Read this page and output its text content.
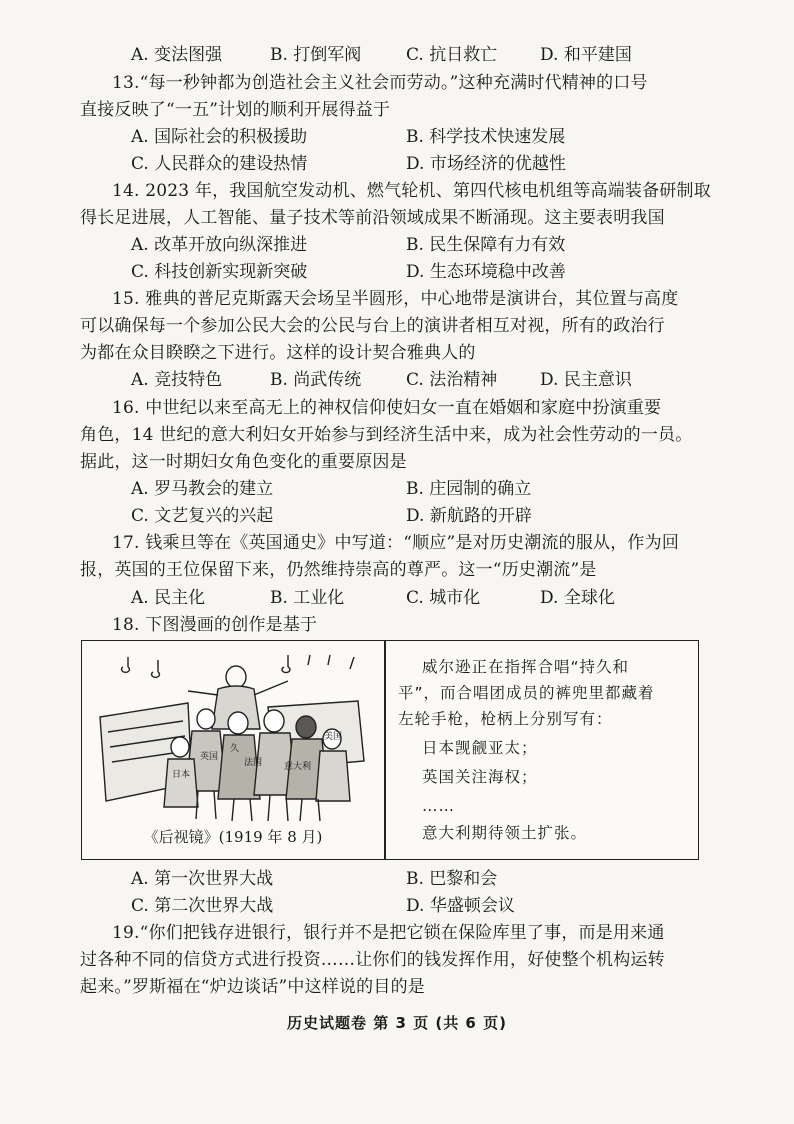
A. 变法图强	B. 打倒军阀	C. 抗日救亡	D. 和平建国
13.“每一秒钟都为创造社会主义社会而劳动。”这种充满时代精神的口号
直接反映了“一五”计划的顺利开展得益于
A. 国际社会的积极援助	B. 科学技术快速发展
C. 人民群众的建设热情	D. 市场经济的优越性
14. 2023 年，我国航空发动机、燃气轮机、第四代核电机组等高端装备研制取
得长足进展，人工智能、量子技术等前沿领域成果不断涌现。这主要表明我国
A. 改革开放向纵深推进	B. 民生保障有力有效
C. 科技创新实现新突破	D. 生态环境稳中改善
15. 雅典的普尼克斯露天会场呈半圆形，中心地带是演讲台，其位置与高度
可以确保每一个参加公民大会的公民与台上的演讲者相互对视，所有的政治行
为都在众目睽睽之下进行。这样的设计契合雅典人的
A. 竞技特色	B. 尚武传统	C. 法治精神	D. 民主意识
16. 中世纪以来至高无上的神权信仰使妇女一直在婚姻和家庭中扮演重要
角色，14 世纪的意大利妇女开始参与到经济生活中来，成为社会性劳动的一员。
据此，这一时期妇女角色变化的重要原因是
A. 罗马教会的建立	B. 庄园制的确立
C. 文艺复兴的兴起	D. 新航路的开辟
17. 钱乘旦等在《英国通史》中写道：“顺应”是对历史潮流的服从，作为回
报，英国的王位保留下来，仍然维持崇高的尊严。这一“历史潮流”是
A. 民主化	B. 工业化	C. 城市化	D. 全球化
18. 下图漫画的创作是基于
久
英国
法国
日本
意大利
美国
《后视镜》(1919 年 8 月)
威尔逊正在指挥合唱“持久和
平”，而合唱团成员的裤兜里都藏着
左轮手枪，枪柄上分别写有：
日本觊觎亚太；
英国关注海权；
……
意大利期待领土扩张。
A. 第一次世界大战	B. 巴黎和会
C. 第二次世界大战	D. 华盛顿会议
19.“你们把钱存进银行，银行并不是把它锁在保险库里了事，而是用来通
过各种不同的信贷方式进行投资……让你们的钱发挥作用，好使整个机构运转
起来。”罗斯福在“炉边谈话”中这样说的目的是
历史试题卷 第 3 页 (共 6 页)
